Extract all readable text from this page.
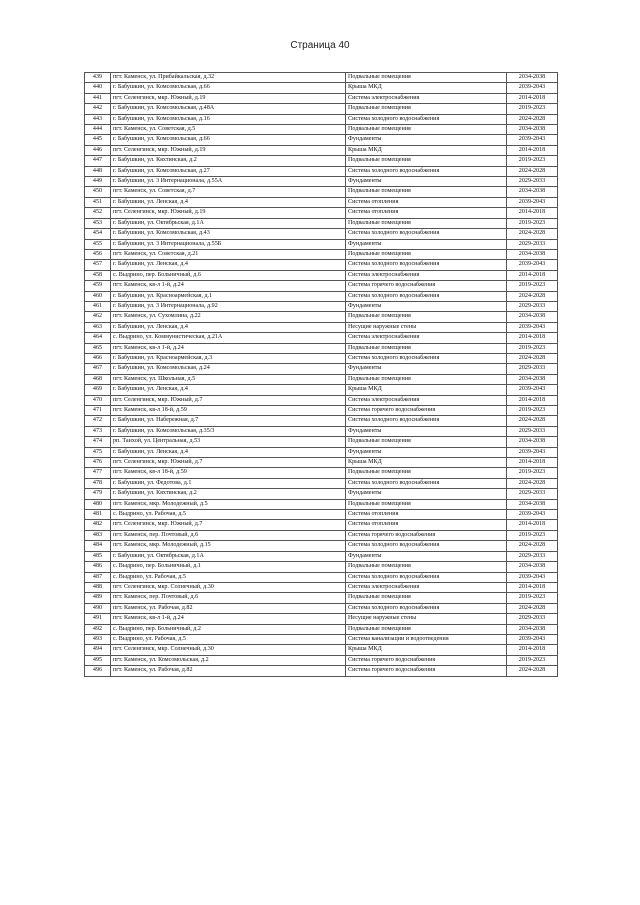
Страница 40
439	пгт. Каменск, ул. Прибайкальская, д.32	Подвальные помещения	2034-2038
440	г. Бабушкин, ул. Комсомольская, д.66	Крыша МКД	2039-2043
441	пгт. Селенгинск, мкр. Южный, д.19	Система электроснабжения	2014-2018
442	г. Бабушкин, ул. Комсомольская, д.48А	Подвальные помещения	2019-2023
443	г. Бабушкин, ул. Комсомольская, д.16	Система холодного водоснабжения	2024-2028
444	пгт. Каменск, ул. Советская, д.5	Подвальные помещения	2034-2038
445	г. Бабушкин, ул. Комсомольская, д.66	Фундаменты	2039-2043
446	пгт. Селенгинск, мкр. Южный, д.19	Крыша МКД	2014-2018
447	г. Бабушкин, ул. Кяхтинская, д.2	Подвальные помещения	2019-2023
448	г. Бабушкин, ул. Комсомольская, д.27	Система холодного водоснабжения	2024-2028
449	г. Бабушкин, ул. 3 Интернационала, д.55А	Фундаменты	2029-2033
450	пгт. Каменск, ул. Советская, д.7	Подвальные помещения	2034-2038
451	г. Бабушкин, ул. Ленская, д.4	Система отопления	2039-2043
452	пгт. Селенгинск, мкр. Южный, д.19	Система отопления	2014-2018
453	г. Бабушкин, ул. Октябрьская, д.1А	Подвальные помещения	2019-2023
454	г. Бабушкин, ул. Комсомольская, д.43	Система холодного водоснабжения	2024-2028
455	г. Бабушкин, ул. 3 Интернационала, д.55Б	Фундаменты	2029-2033
456	пгт. Каменск, ул. Советская, д.21	Подвальные помещения	2034-2038
457	г. Бабушкин, ул. Ленская, д.4	Система холодного водоснабжения	2039-2043
458	с. Выдрино, пер. Больничный, д.6	Система электроснабжения	2014-2018
459	пгт. Каменск, кв-л 1-й, д.24	Система горячего водоснабжения	2019-2023
460	г. Бабушкин, ул. Красноармейская, д.1	Система холодного водоснабжения	2024-2028
461	г. Бабушкин, ул. 3 Интернационала, д.92	Фундаменты	2029-2033
462	пгт. Каменск, ул. Сухомлина, д.22	Подвальные помещения	2034-2038
463	г. Бабушкин, ул. Ленская, д.4	Несущие наружные стены	2039-2043
464	с. Выдрино, ул. Коммунистическая, д.21А	Система электроснабжения	2014-2018
465	пгт. Каменск, кв-л 1-й, д.24	Подвальные помещения	2019-2023
466	г. Бабушкин, ул. Красноармейская, д.3	Система холодного водоснабжения	2024-2028
467	г. Бабушкин, ул. Комсомольская, д.24	Фундаменты	2029-2033
468	пгт. Каменск, ул. Школьная, д.5	Подвальные помещения	2034-2038
469	г. Бабушкин, ул. Ленская, д.4	Крыша МКД	2039-2043
470	пгт. Селенгинск, мкр. Южный, д.7	Система электроснабжения	2014-2018
471	пгт. Каменск, кв-л 18-й, д.59	Система горячего водоснабжения	2019-2023
472	г. Бабушкин, ул. Набережная, д.7	Система холодного водоснабжения	2024-2028
473	г. Бабушкин, ул. Комсомольская, д.35/3	Фундаменты	2029-2033
474	рп. Танхой, ул. Центральная, д.53	Подвальные помещения	2034-2038
475	г. Бабушкин, ул. Ленская, д.4	Фундаменты	2039-2043
476	пгт. Селенгинск, мкр. Южный, д.7	Крыша МКД	2014-2018
477	пгт. Каменск, кв-л 18-й, д.59	Подвальные помещения	2019-2023
478	г. Бабушкин, ул. Федотова, д.1	Система холодного водоснабжения	2024-2028
479	г. Бабушкин, ул. Кяхтинская, д.2	Фундаменты	2029-2033
480	пгт. Каменск, мкр. Молодежный, д.5	Подвальные помещения	2034-2038
481	с. Выдрино, ул. Рабочая, д.5	Система отопления	2039-2043
482	пгт. Селенгинск, мкр. Южный, д.7	Система отопления	2014-2018
483	пгт. Каменск, пер. Почтовый, д.6	Система горячего водоснабжения	2019-2023
484	пгт. Каменск, мкр. Молодежный, д.15	Система холодного водоснабжения	2024-2028
485	г. Бабушкин, ул. Октябрьская, д.1А	Фундаменты	2029-2033
486	с. Выдрино, пер. Больничный, д.1	Подвальные помещения	2034-2038
487	с. Выдрино, ул. Рабочая, д.5	Система холодного водоснабжения	2039-2043
488	пгт. Селенгинск, мкр. Солнечный, д.30	Система электроснабжения	2014-2018
489	пгт. Каменск, пер. Почтовый, д.6	Подвальные помещения	2019-2023
490	пгт. Каменск, ул. Рабочая, д.82	Система холодного водоснабжения	2024-2028
491	пгт. Каменск, кв-л 1-й, д.24	Несущие наружные стены	2029-2033
492	с. Выдрино, пер. Больничный, д.2	Подвальные помещения	2034-2038
493	с. Выдрино, ул. Рабочая, д.5	Система канализации и водоотведения	2039-2043
494	пгт. Селенгинск, мкр. Солнечный, д.30	Крыша МКД	2014-2018
495	пгт. Каменск, ул. Комсомольская, д.2	Система горячего водоснабжения	2019-2023
496	пгт. Каменск, ул. Рабочая, д.82	Система горячего водоснабжения	2024-2028
